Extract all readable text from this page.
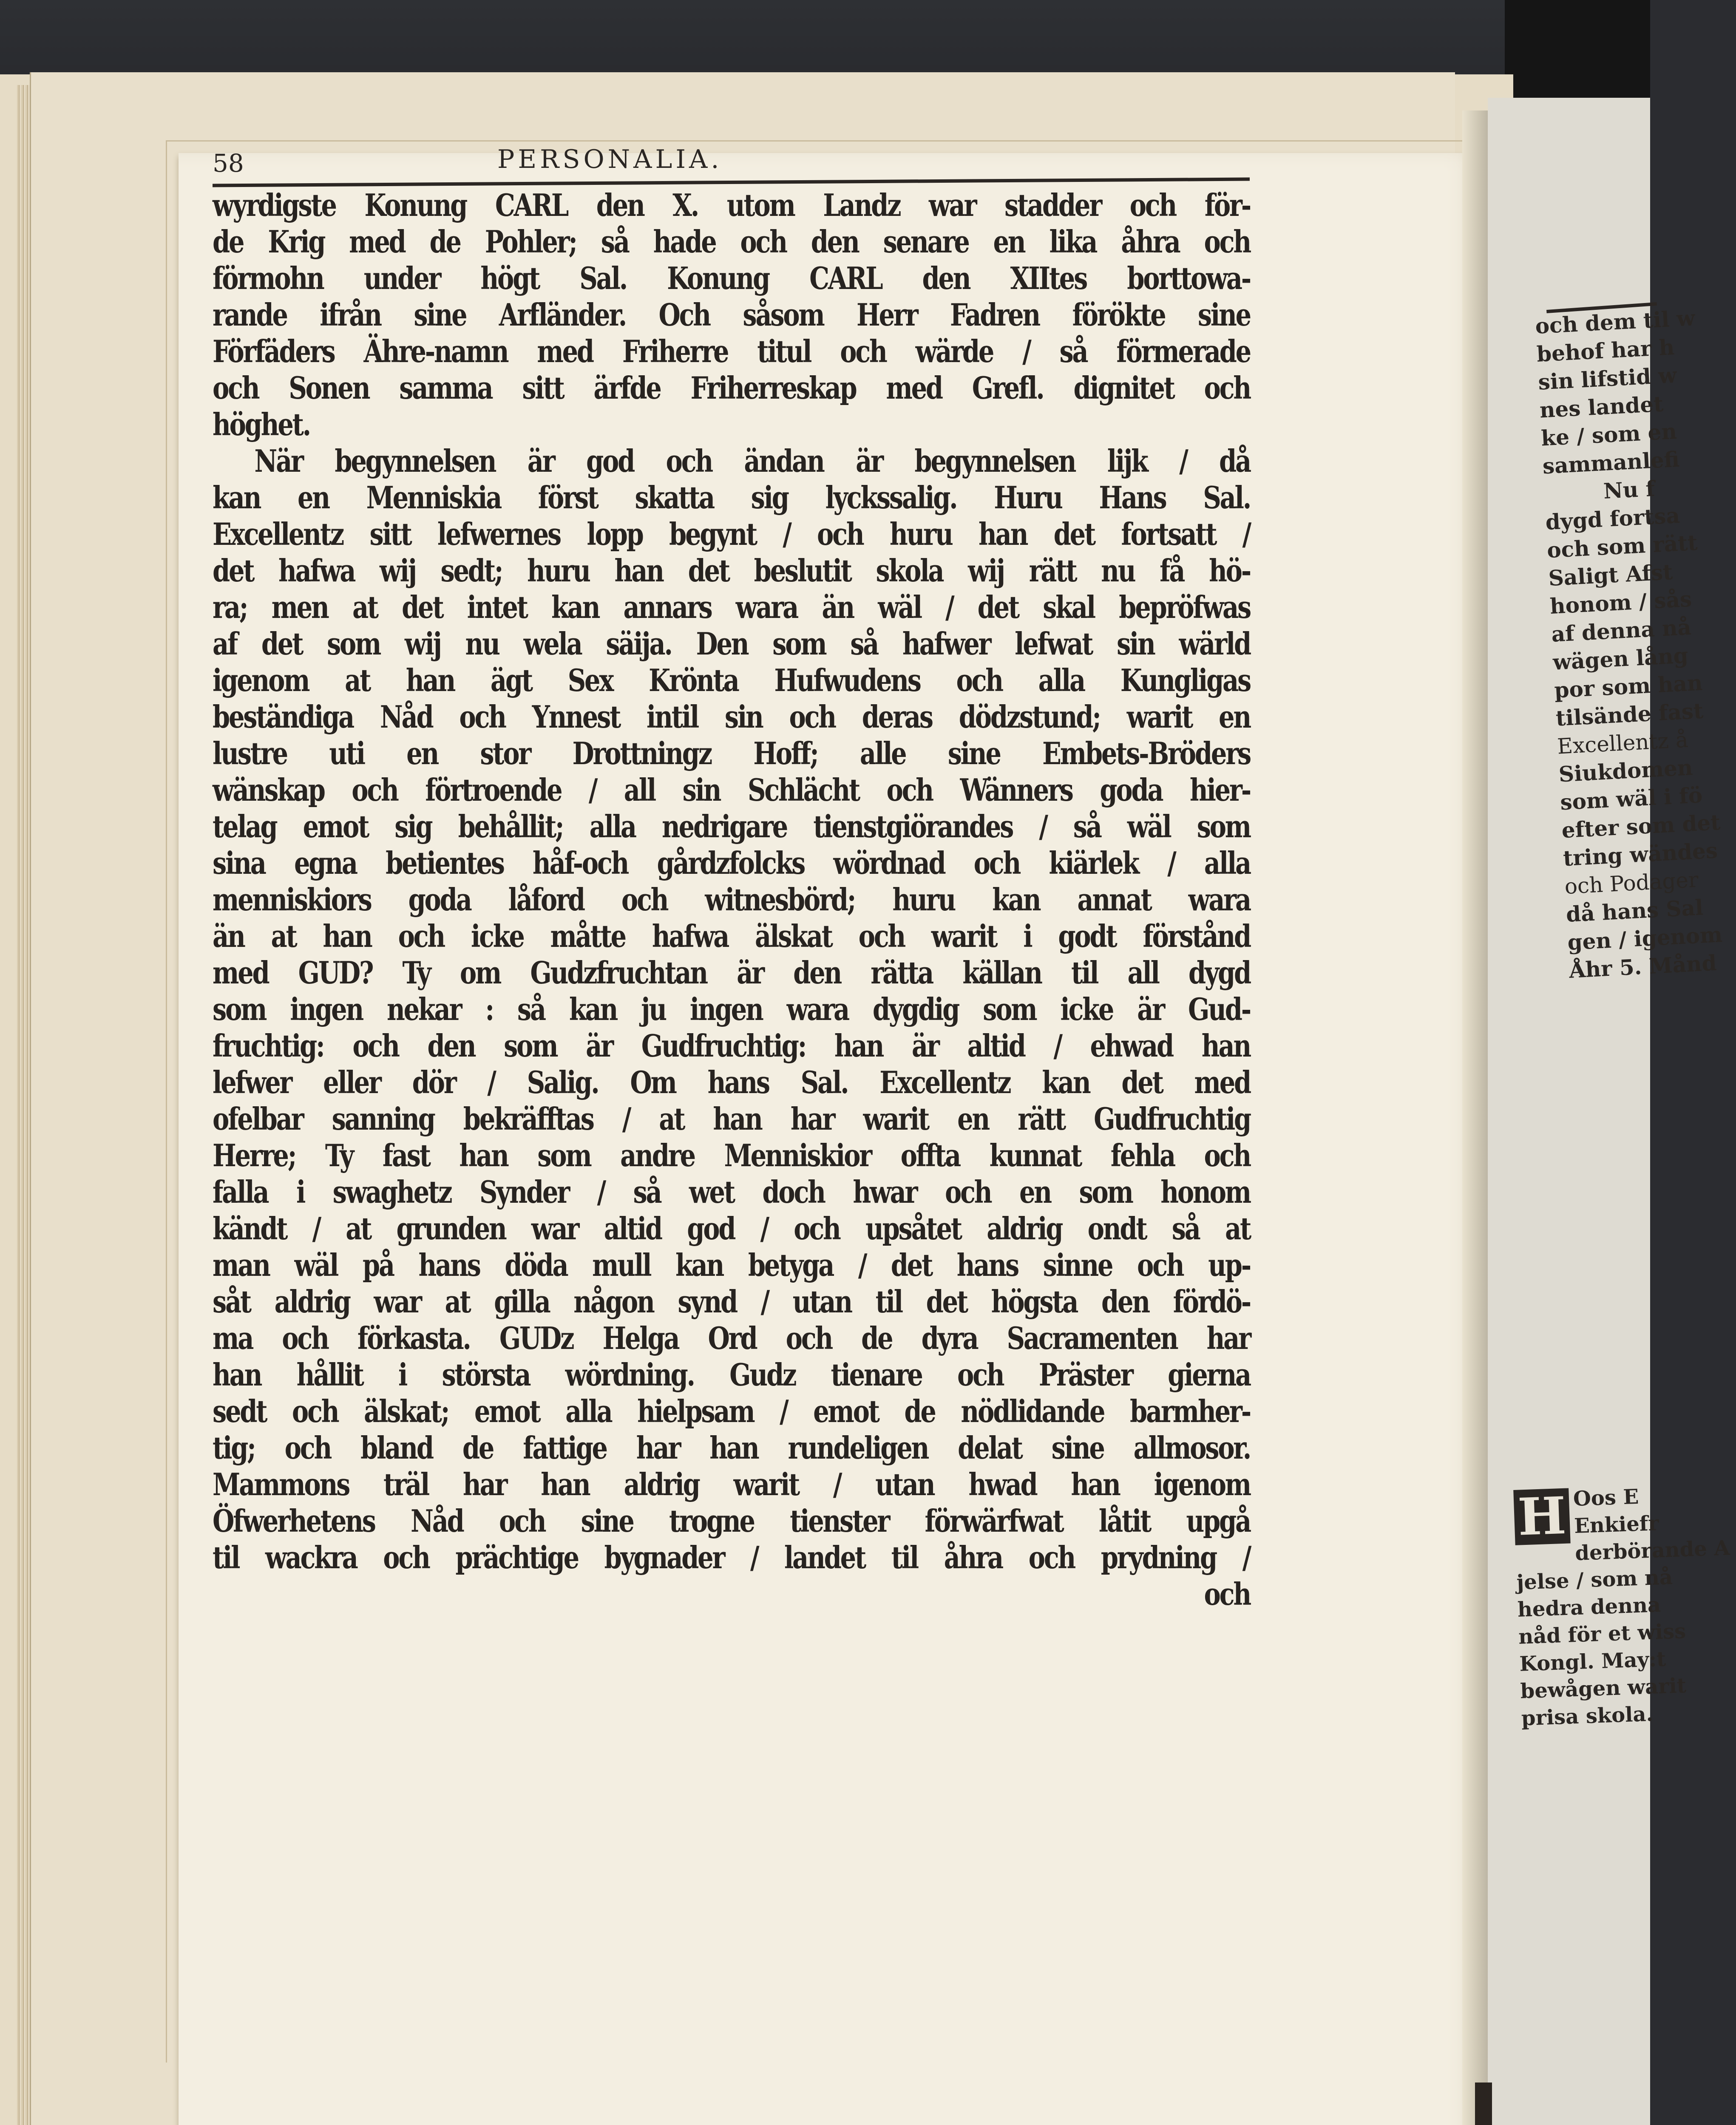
58	PERSONALIA.
wyrdigste Konung CARL den X. utom Landz war stadder och för-
de Krig med de Pohler; så hade och den senare en lika åhra och
förmohn under högt Sal. Konung CARL den XIItes borttowa-
rande ifrån sine Arfländer. Och såsom Herr Fadren förökte sine
Förfäders Ähre-namn med Friherre titul och wärde / så förmerade
och Sonen samma sitt ärfde Friherreskap med Grefl. dignitet och
höghet.
När begynnelsen är god och ändan är begynnelsen lijk / då
kan en Menniskia först skatta sig lyckssalig. Huru Hans Sal.
Excellentz sitt lefwernes lopp begynt / och huru han det fortsatt /
det hafwa wij sedt; huru han det beslutit skola wij rätt nu få hö-
ra; men at det intet kan annars wara än wäl / det skal bepröfwas
af det som wij nu wela säija. Den som så hafwer lefwat sin wärld
igenom at han ägt Sex Krönta Hufwudens och alla Kungligas
beständiga Nåd och Ynnest intil sin och deras dödzstund; warit en
lustre uti en stor Drottningz Hoff; alle sine Embets-Bröders
wänskap och förtroende / all sin Schlächt och Wänners goda hier-
telag emot sig behållit; alla nedrigare tienstgiörandes / så wäl som
sina egna betientes håf-och gårdzfolcks wördnad och kiärlek / alla
menniskiors goda låford och witnesbörd; huru kan annat wara
än at han och icke måtte hafwa älskat och warit i godt förstånd
med GUD? Ty om Gudzfruchtan är den rätta källan til all dygd
som ingen nekar : så kan ju ingen wara dygdig som icke är Gud-
fruchtig: och den som är Gudfruchtig: han är altid / ehwad han
lefwer eller dör / Salig. Om hans Sal. Excellentz kan det med
ofelbar sanning bekräfftas / at han har warit en rätt Gudfruchtig
Herre; Ty fast han som andre Menniskior offta kunnat fehla och
falla i swaghetz Synder / så wet doch hwar och en som honom
kändt / at grunden war altid god / och upsåtet aldrig ondt så at
man wäl på hans döda mull kan betyga / det hans sinne och up-
såt aldrig war at gilla någon synd / utan til det högsta den fördö-
ma och förkasta. GUDz Helga Ord och de dyra Sacramenten har
han hållit i största wördning. Gudz tienare och Präster gierna
sedt och älskat; emot alla hielpsam / emot de nödlidande barmher-
tig; och bland de fattige har han rundeligen delat sine allmosor.
Mammons träl har han aldrig warit / utan hwad han igenom
Öfwerhetens Nåd och sine trogne tienster förwärfwat låtit upgå
til wackra och prächtige bygnader / landet til åhra och prydning /
och
och dem til w
behof har h
sin lifstid w
nes landet
ke / som en
sammanlefi
Nu f
dygd fortsa
och som rätt
Saligt Afst
honom / sås
af denna nå
wägen lång
por som han
tilsände fast
Excellentz å
Siukdomen
som wäl i fö
efter som det
tring wändes
och Podager
då hans Sal
gen / igenom
Åhr 5. Månd
H Oos E
Enkiefr
derbörande A
jelse / som nå
hedra denna
nåd för et wiss
Kongl. May:t
bewågen warit
prisa skola.
